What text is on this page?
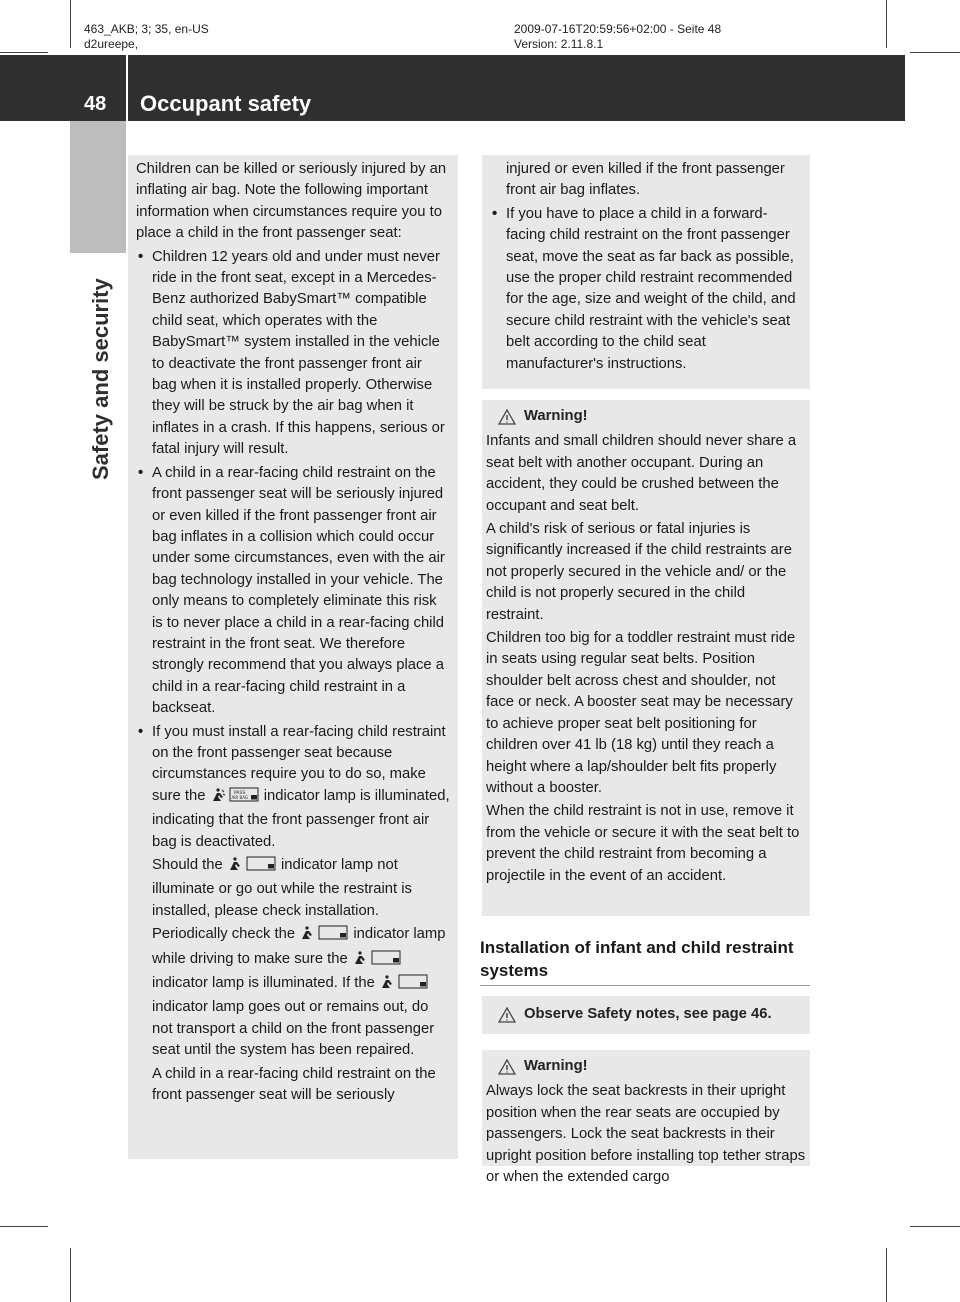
463_AKB; 3; 35, en-US
d2ureepe,
2009-07-16T20:59:56+02:00 - Seite 48
Version: 2.11.8.1
48 Occupant safety
Safety and security

Children can be killed or seriously injured by an inflating air bag. Note the following important information when circumstances require you to place a child in the front passenger seat:

• Children 12 years old and under must never ride in the front seat, except in a Mercedes-Benz authorized BabySmart™ compatible child seat, which operates with the BabySmart™ system installed in the vehicle to deactivate the front passenger front air bag when it is installed properly. Otherwise they will be struck by the air bag when it inflates in a crash. If this happens, serious or fatal injury will result.
• A child in a rear-facing child restraint on the front passenger seat will be seriously injured or even killed if the front passenger front air bag inflates in a collision which could occur under some circumstances, even with the air bag technology installed in your vehicle. The only means to completely eliminate this risk is to never place a child in a rear-facing child restraint in the front seat. We therefore strongly recommend that you always place a child in a rear-facing child restraint in a backseat.
• If you must install a rear-facing child restraint on the front passenger seat because circumstances require you to do so, make sure the	PASS
AIR BAG indicator lamp is illuminated, indicating that the front passenger front air bag is deactivated.

Should the	indicator lamp not illuminate or go out while the restraint is installed, please check installation.

Periodically check the	indicator lamp while driving to make sure the  indicator lamp is illuminated. If the  indicator lamp goes out or remains out, do not transport a child on the front passenger seat until the system has been repaired.

A child in a rear-facing child restraint on the front passenger seat will be seriously

injured or even killed if the front passenger front air bag inflates.

• If you have to place a child in a forward-facing child restraint on the front passenger seat, move the seat as far back as possible, use the proper child restraint recommended for the age, size and weight of the child, and secure child restraint with the vehicle's seat belt according to the child seat manufacturer's instructions.
Warning!

Infants and small children should never share a seat belt with another occupant. During an accident, they could be crushed between the occupant and seat belt.

A child's risk of serious or fatal injuries is significantly increased if the child restraints are not properly secured in the vehicle and/ or the child is not properly secured in the child restraint.

Children too big for a toddler restraint must ride in seats using regular seat belts. Position shoulder belt across chest and shoulder, not face or neck. A booster seat may be necessary to achieve proper seat belt positioning for children over 41 lb (18 kg) until they reach a height where a lap/shoulder belt fits properly without a booster.

When the child restraint is not in use, remove it from the vehicle or secure it with the seat belt to prevent the child restraint from becoming a projectile in the event of an accident.

Installation of infant and child restraint systems
Observe Safety notes, see page 46.
Warning!

Always lock the seat backrests in their upright position when the rear seats are occupied by passengers. Lock the seat backrests in their upright position before installing top tether straps or when the extended cargo
